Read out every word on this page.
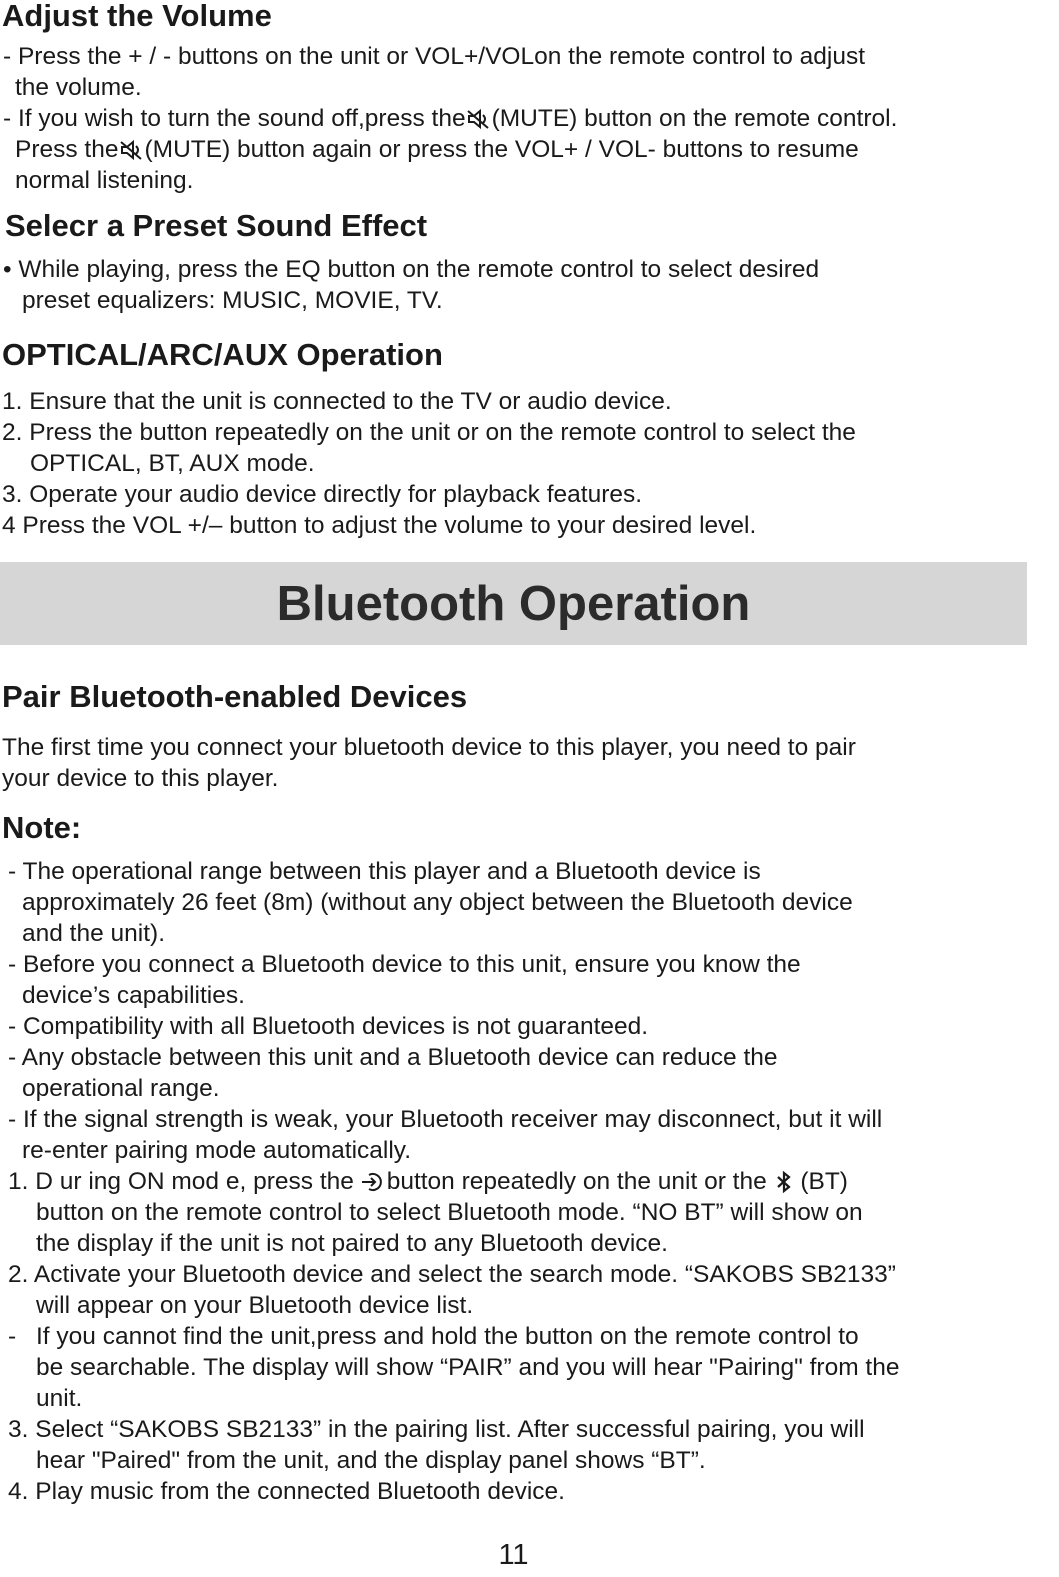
Adjust the Volume

- Press the + / - buttons on the unit or VOL+/VOLon the remote control to adjust

the volume.

- If you wish to turn the sound off,press the (MUTE) button on the remote control.

Press the (MUTE) button again or press the VOL+ / VOL- buttons to resume

normal listening.

Selecr a Preset Sound Effect

• While playing, press the EQ button on the remote control to select desired

preset equalizers: MUSIC, MOVIE, TV.

OPTICAL/ARC/AUX Operation

1. Ensure that the unit is connected to the TV or audio device.

2. Press the button repeatedly on the unit or on the remote control to select the

OPTICAL, BT, AUX mode.

3. Operate your audio device directly for playback features.

4 Press the VOL +/– button to adjust the volume to your desired level.

Bluetooth Operation
Pair Bluetooth-enabled Devices

The first time you connect your bluetooth device to this player, you need to pair

your device to this player.

Note:

- The operational range between this player and a Bluetooth device is

approximately 26 feet (8m) (without any object between the Bluetooth device

and the unit).

- Before you connect a Bluetooth device to this unit, ensure you know the

device’s capabilities.

- Compatibility with all Bluetooth devices is not guaranteed.

- Any obstacle between this unit and a Bluetooth device can reduce the

operational range.

- If the signal strength is weak, your Bluetooth receiver may disconnect, but it will

re-enter pairing mode automatically.

1. D ur ing ON mod e, press the button repeatedly on the unit or the (BT)

button on the remote control to select Bluetooth mode. “NO BT” will show on

the display if the unit is not paired to any Bluetooth device.

2. Activate your Bluetooth device and select the search mode. “SAKOBS SB2133”

will appear on your Bluetooth device list.

- If you cannot find the unit,press and hold the button on the remote control to

be searchable. The display will show “PAIR” and you will hear "Pairing" from the

unit.

3. Select “SAKOBS SB2133” in the pairing list. After successful pairing, you will

hear "Paired" from the unit, and the display panel shows “BT”.

4. Play music from the connected Bluetooth device.

11
